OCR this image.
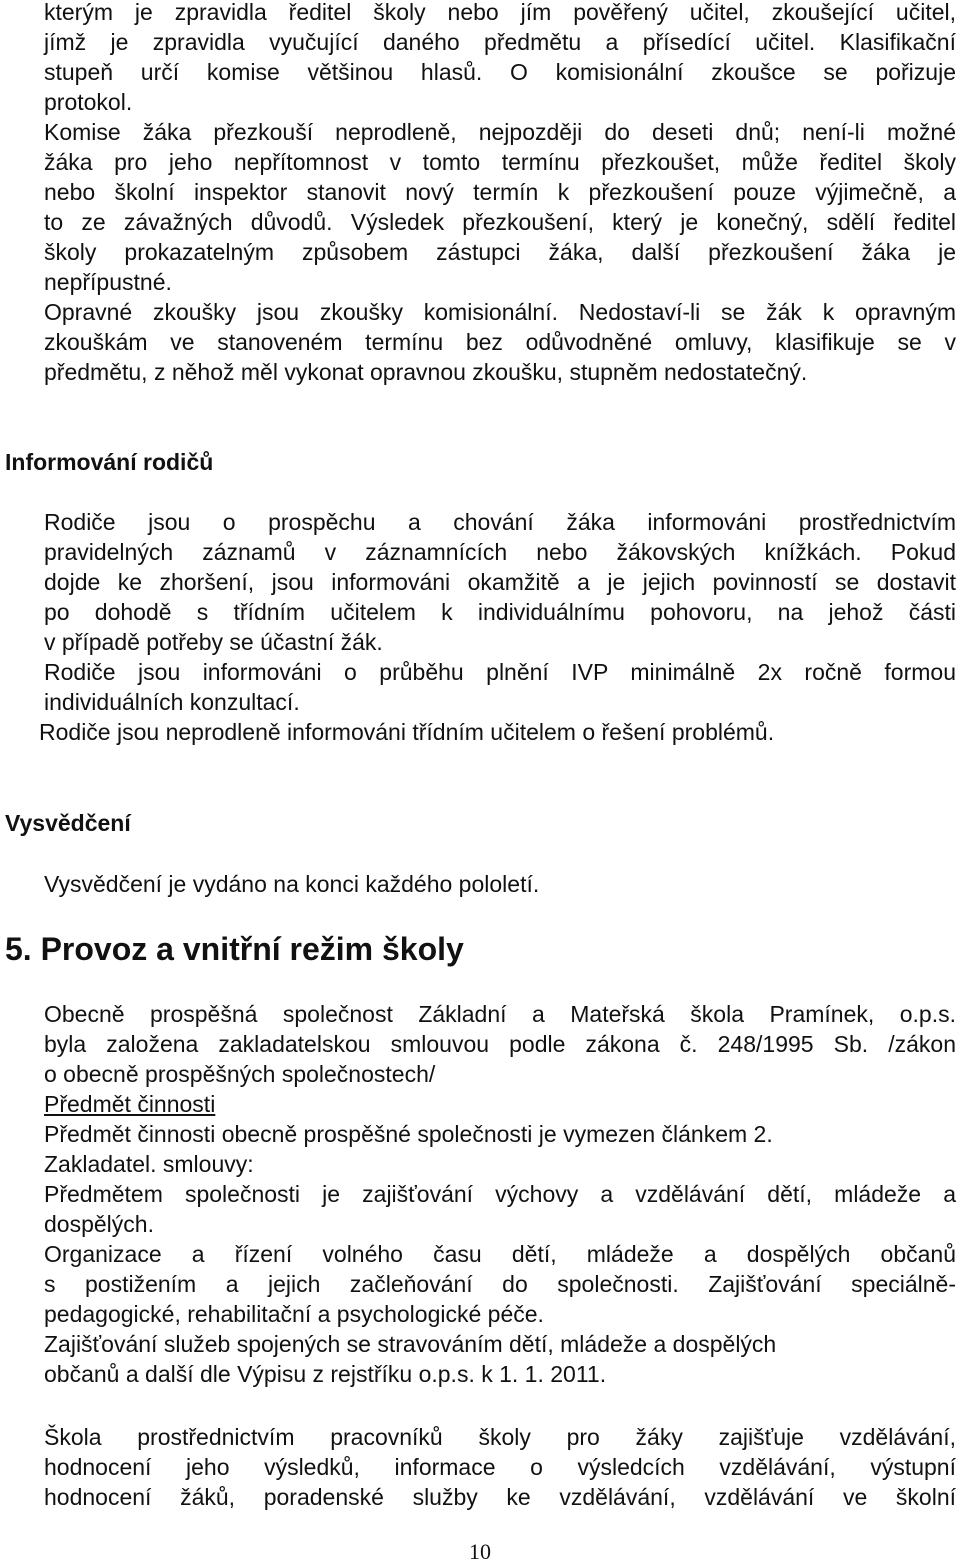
kterým je zpravidla ředitel školy nebo jím pověřený učitel, zkoušející učitel,
jímž je zpravidla vyučující daného předmětu a přísedící učitel. Klasifikační
stupeň určí komise většinou hlasů. O komisionální zkoušce se pořizuje
protokol.
Komise žáka přezkouší neprodleně, nejpozději do deseti dnů; není-li možné
žáka pro jeho nepřítomnost v tomto termínu přezkoušet, může ředitel školy
nebo školní inspektor stanovit nový termín k přezkoušení pouze výjimečně, a
to ze závažných důvodů. Výsledek přezkoušení, který je konečný, sdělí ředitel
školy prokazatelným způsobem zástupci žáka, další přezkoušení žáka je
nepřípustné.
Opravné zkoušky jsou zkoušky komisionální. Nedostaví-li se žák k opravným
zkouškám ve stanoveném termínu bez odůvodněné omluvy, klasifikuje se v
předmětu, z něhož měl vykonat opravnou zkoušku, stupněm nedostatečný.
Informování rodičů
Rodiče jsou o prospěchu a chování žáka informováni prostřednictvím
pravidelných záznamů v záznamnících nebo žákovských knížkách. Pokud
dojde ke zhoršení, jsou informováni okamžitě a je jejich povinností se dostavit
po dohodě s třídním učitelem k individuálnímu pohovoru, na jehož části
v případě potřeby se účastní žák.
Rodiče jsou informováni o průběhu plnění IVP minimálně 2x ročně formou
individuálních konzultací.
Rodiče jsou neprodleně informováni třídním učitelem o řešení problémů.
Vysvědčení
Vysvědčení je vydáno na konci každého pololetí.
5. Provoz a vnitřní režim školy
Obecně prospěšná společnost Základní a Mateřská škola Pramínek, o.p.s.
byla založena zakladatelskou smlouvou podle zákona č. 248/1995 Sb. /zákon
o obecně prospěšných společnostech/
Předmět činnosti
Předmět činnosti obecně prospěšné společnosti je vymezen článkem 2.
Zakladatel. smlouvy:
Předmětem společnosti je zajišťování výchovy a vzdělávání dětí, mládeže a
dospělých.
Organizace a řízení volného času dětí, mládeže a dospělých občanů
s postižením a jejich začleňování do společnosti. Zajišťování speciálně-
pedagogické, rehabilitační a psychologické péče.
Zajišťování služeb spojených se stravováním dětí, mládeže a dospělých
občanů a další dle Výpisu z rejstříku o.p.s. k 1. 1. 2011.
Škola prostřednictvím pracovníků školy pro žáky zajišťuje vzdělávání,
hodnocení jeho výsledků, informace o výsledcích vzdělávání, výstupní
hodnocení žáků, poradenské služby ke vzdělávání, vzdělávání ve školní
10
